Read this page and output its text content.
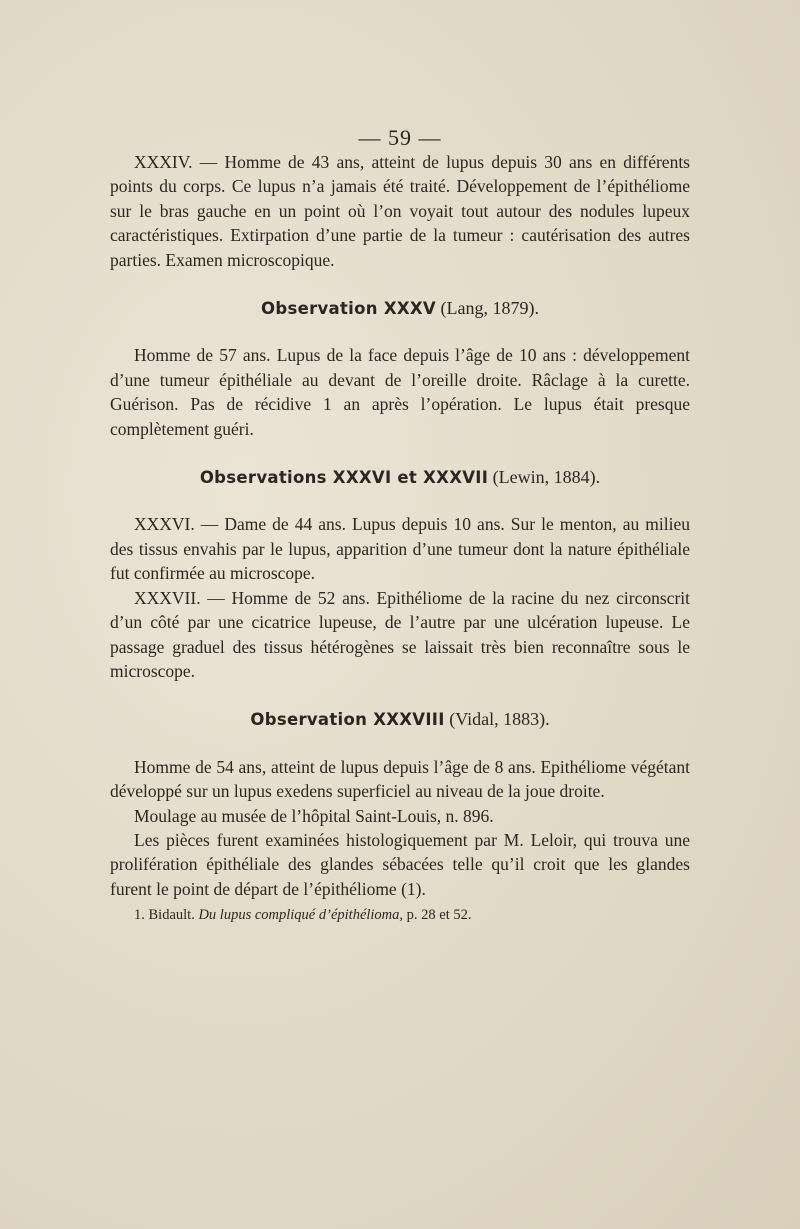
— 59 —

XXXIV. — Homme de 43 ans, atteint de lupus depuis 30 ans en différents points du corps. Ce lupus n’a jamais été traité. Développement de l’épithéliome sur le bras gauche en un point où l’on voyait tout autour des nodules lupeux caractéristiques. Extirpation d’une partie de la tumeur : cautérisation des autres parties. Examen microscopique.

Observation XXXV (Lang, 1879).

Homme de 57 ans. Lupus de la face depuis l’âge de 10 ans : développement d’une tumeur épithéliale au devant de l’oreille droite. Râclage à la curette. Guérison. Pas de récidive 1 an après l’opération. Le lupus était presque complètement guéri.

Observations XXXVI et XXXVII (Lewin, 1884).

XXXVI. — Dame de 44 ans. Lupus depuis 10 ans. Sur le menton, au milieu des tissus envahis par le lupus, apparition d’une tumeur dont la nature épithéliale fut confirmée au microscope.

XXXVII. — Homme de 52 ans. Epithéliome de la racine du nez circonscrit d’un côté par une cicatrice lupeuse, de l’autre par une ulcération lupeuse. Le passage graduel des tissus hétérogènes se laissait très bien reconnaître sous le microscope.

Observation XXXVIII (Vidal, 1883).

Homme de 54 ans, atteint de lupus depuis l’âge de 8 ans. Epithéliome végétant développé sur un lupus exedens superficiel au niveau de la joue droite.

Moulage au musée de l’hôpital Saint-Louis, n. 896.

Les pièces furent examinées histologiquement par M. Leloir, qui trouva une prolifération épithéliale des glandes sébacées telle qu’il croit que les glandes furent le point de départ de l’épithéliome (1).

1. Bidault. Du lupus compliqué d’épithélioma, p. 28 et 52.
